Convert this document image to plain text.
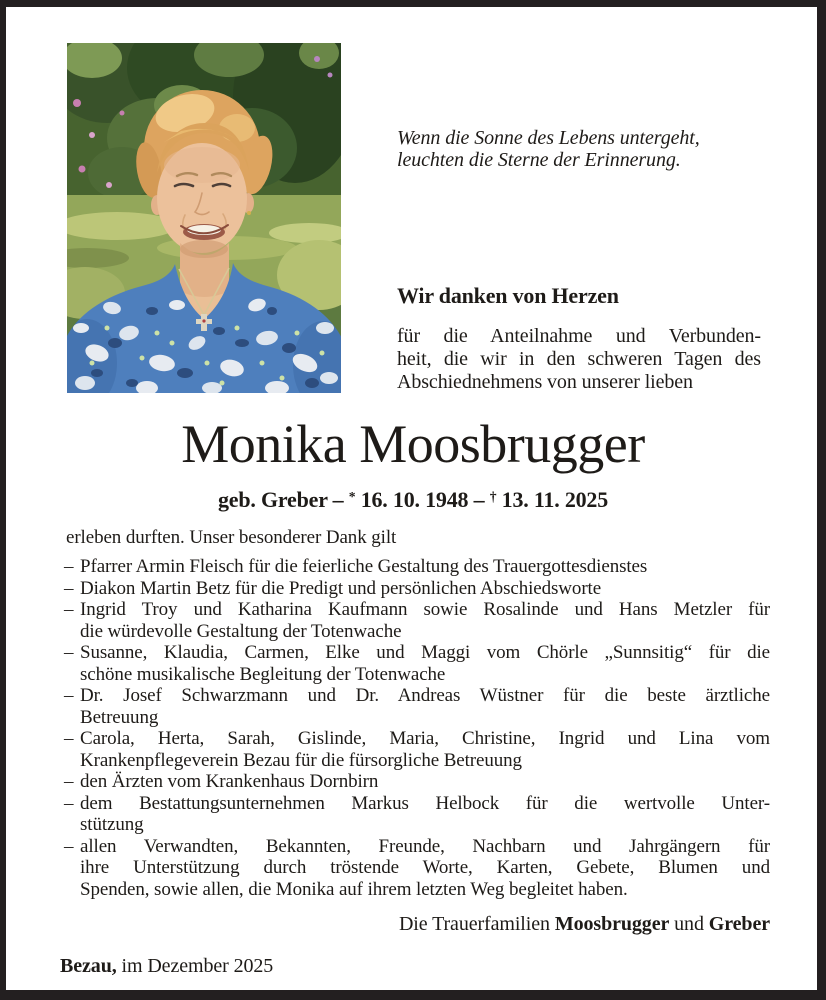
Wenn die Sonne des Lebens untergeht,
leuchten die Sterne der Erinnerung.
Wir danken von Herzen
für die Anteilnahme und Verbunden-
heit, die wir in den schweren Tagen des
Abschiednehmens von unserer lieben
Monika Moosbrugger
geb. Greber – * 16. 10. 1948 – † 13. 11. 2025
erleben durften. Unser besonderer Dank gilt
– Pfarrer Armin Fleisch für die feierliche Gestaltung des Trauergottesdienstes
– Diakon Martin Betz für die Predigt und persönlichen Abschiedsworte
– Ingrid Troy und Katharina Kaufmann sowie Rosalinde und Hans Metzler für
die würdevolle Gestaltung der Totenwache
– Susanne, Klaudia, Carmen, Elke und Maggi vom Chörle „Sunnsitig“ für die
schöne musikalische Begleitung der Totenwache
– Dr. Josef Schwarzmann und Dr. Andreas Wüstner für die beste ärztliche
Betreuung
– Carola, Herta, Sarah, Gislinde, Maria, Christine, Ingrid und Lina vom
Krankenpflegeverein Bezau für die fürsorgliche Betreuung
– den Ärzten vom Krankenhaus Dornbirn
– dem Bestattungsunternehmen Markus Helbock für die wertvolle Unter-
stützung
– allen Verwandten, Bekannten, Freunde, Nachbarn und Jahrgängern für
ihre Unterstützung durch tröstende Worte, Karten, Gebete, Blumen und
Spenden, sowie allen, die Monika auf ihrem letzten Weg begleitet haben.
Die Trauerfamilien Moosbrugger und Greber
Bezau, im Dezember 2025
